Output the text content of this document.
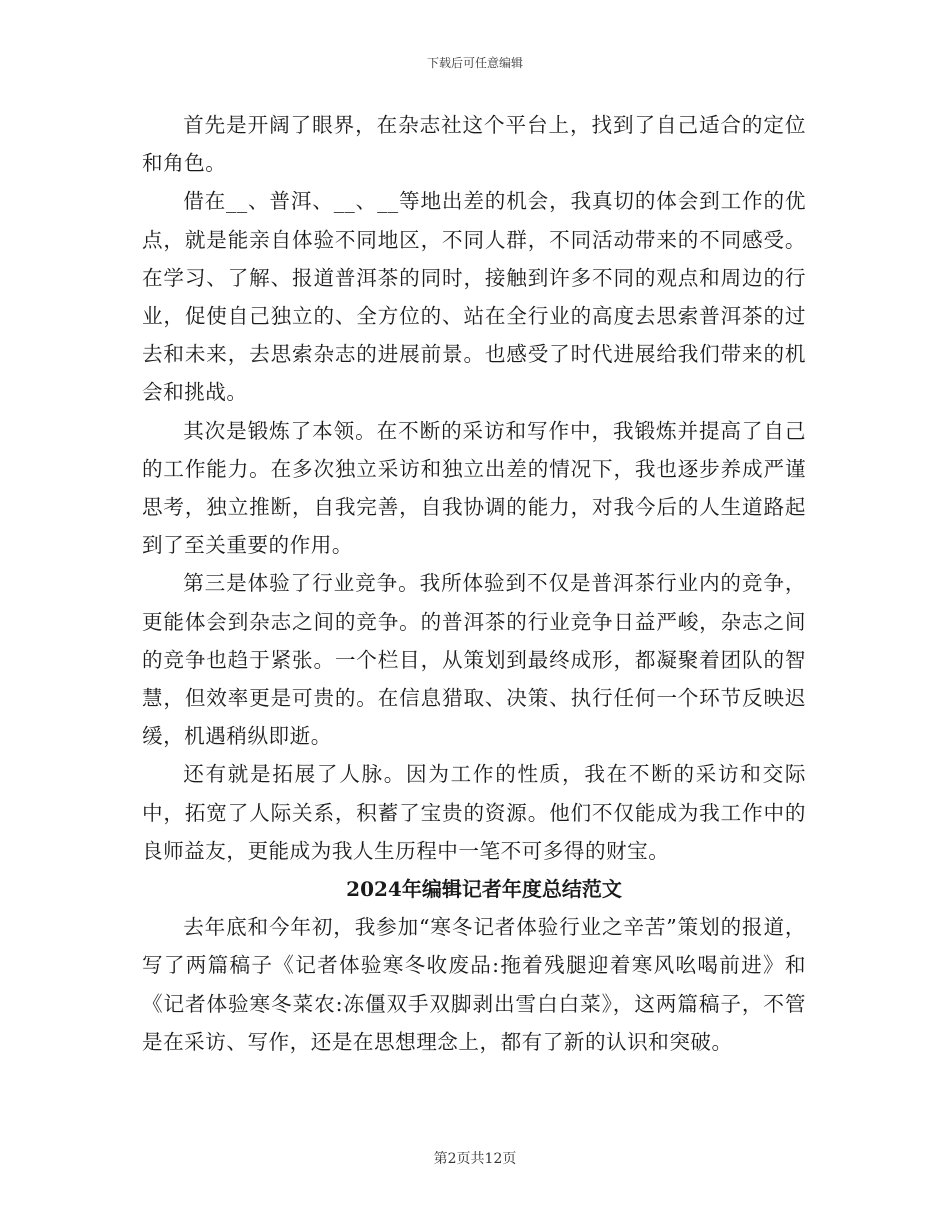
下载后可任意编辑

首先是开阔了眼界，在杂志社这个平台上，找到了自己适合的定位和角色。

借在__、普洱、__、__等地出差的机会，我真切的体会到工作的优点，就是能亲自体验不同地区，不同人群，不同活动带来的不同感受。在学习、了解、报道普洱茶的同时，接触到许多不同的观点和周边的行业，促使自己独立的、全方位的、站在全行业的高度去思索普洱茶的过去和未来，去思索杂志的进展前景。也感受了时代进展给我们带来的机会和挑战。

其次是锻炼了本领。在不断的采访和写作中，我锻炼并提高了自己的工作能力。在多次独立采访和独立出差的情况下，我也逐步养成严谨思考，独立推断，自我完善，自我协调的能力，对我今后的人生道路起到了至关重要的作用。

第三是体验了行业竞争。我所体验到不仅是普洱茶行业内的竞争，更能体会到杂志之间的竞争。的普洱茶的行业竞争日益严峻，杂志之间的竞争也趋于紧张。一个栏目，从策划到最终成形，都凝聚着团队的智慧，但效率更是可贵的。在信息猎取、决策、执行任何一个环节反映迟缓，机遇稍纵即逝。

还有就是拓展了人脉。因为工作的性质，我在不断的采访和交际中，拓宽了人际关系，积蓄了宝贵的资源。他们不仅能成为我工作中的良师益友，更能成为我人生历程中一笔不可多得的财宝。

2024年编辑记者年度总结范文

去年底和今年初，我参加“寒冬记者体验行业之辛苦”策划的报道，写了两篇稿子《记者体验寒冬收废品:拖着残腿迎着寒风吆喝前进》和《记者体验寒冬菜农:冻僵双手双脚剥出雪白白菜》，这两篇稿子，不管是在采访、写作，还是在思想理念上，都有了新的认识和突破。

第2页共12页
